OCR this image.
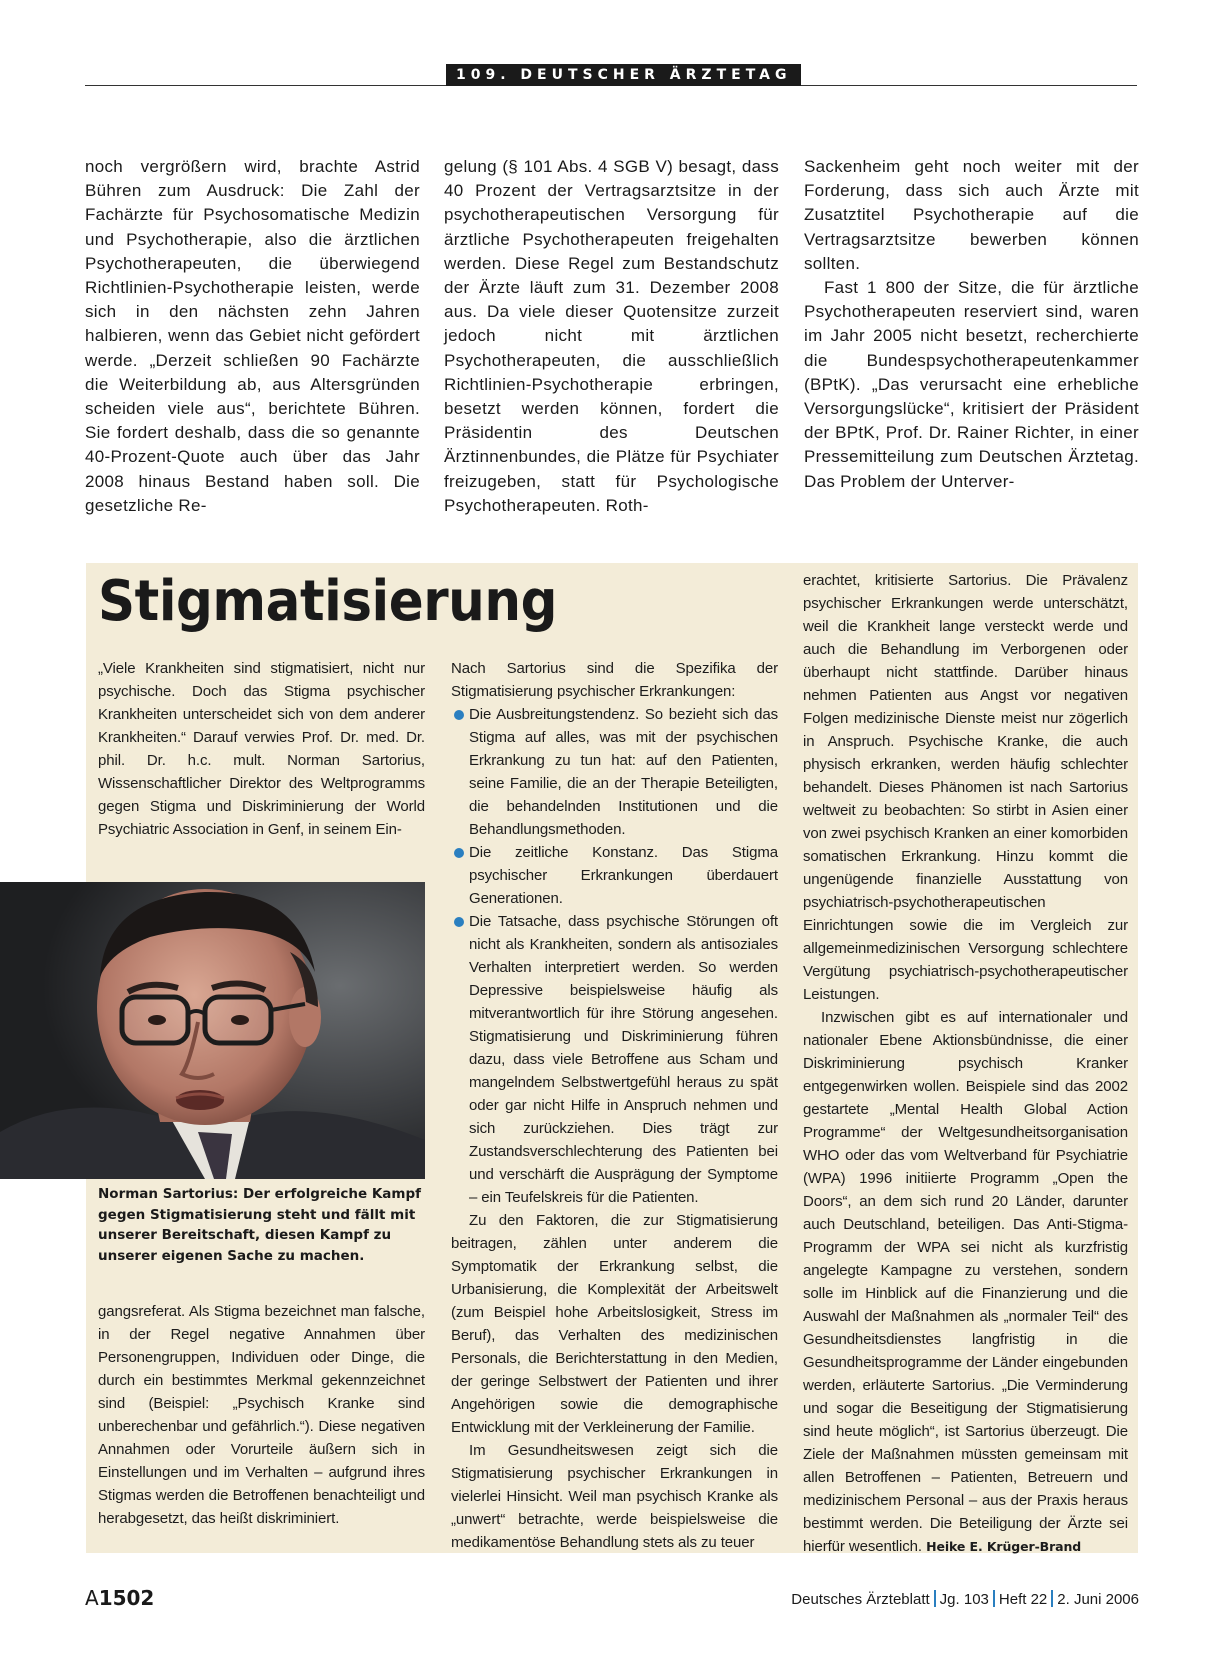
109. DEUTSCHER ÄRZTETAG

noch vergrößern wird, brachte Astrid Bühren zum Ausdruck: Die Zahl der Fachärzte für Psychosomatische Medizin und Psychotherapie, also die ärztlichen Psychotherapeuten, die überwiegend Richtlinien-Psychotherapie leisten, werde sich in den nächsten zehn Jahren halbieren, wenn das Gebiet nicht gefördert werde. „Derzeit schließen 90 Fachärzte die Weiterbildung ab, aus Altersgründen scheiden viele aus“, berichtete Bühren. Sie fordert deshalb, dass die so genannte 40-Prozent-Quote auch über das Jahr 2008 hinaus Bestand haben soll. Die gesetzliche Re-

gelung (§ 101 Abs. 4 SGB V) besagt, dass 40 Prozent der Vertragsarztsitze in der psychotherapeutischen Versorgung für ärztliche Psychotherapeuten freigehalten werden. Diese Regel zum Bestandschutz der Ärzte läuft zum 31. Dezember 2008 aus. Da viele dieser Quotensitze zurzeit jedoch nicht mit ärztlichen Psychotherapeuten, die ausschließlich Richtlinien-Psychotherapie erbringen, besetzt werden können, fordert die Präsidentin des Deutschen Ärztinnenbundes, die Plätze für Psychiater freizugeben, statt für Psychologische Psychotherapeuten. Roth-

Sackenheim geht noch weiter mit der Forderung, dass sich auch Ärzte mit Zusatztitel Psychotherapie auf die Vertragsarztsitze bewerben können sollten.

Fast 1 800 der Sitze, die für ärztliche Psychotherapeuten reserviert sind, waren im Jahr 2005 nicht besetzt, recherchierte die Bundespsychotherapeutenkammer (BPtK). „Das verursacht eine erhebliche Versorgungslücke“, kritisiert der Präsident der BPtK, Prof. Dr. Rainer Richter, in einer Pressemitteilung zum Deutschen Ärztetag. Das Problem der Unterver-

Stigmatisierung

„Viele Krankheiten sind stigmatisiert, nicht nur psychische. Doch das Stigma psychischer Krankheiten unterscheidet sich von dem anderer Krankheiten.“ Darauf verwies Prof. Dr. med. Dr. phil. Dr. h.c. mult. Norman Sartorius, Wissenschaftlicher Direktor des Weltprogramms gegen Stigma und Diskriminierung der World Psychiatric Association in Genf, in seinem Ein-

Norman Sartorius: Der erfolgreiche Kampf gegen Stigmatisierung steht und fällt mit unserer Bereitschaft, diesen Kampf zu unserer eigenen Sache zu machen.

gangsreferat. Als Stigma bezeichnet man falsche, in der Regel negative Annahmen über Personengruppen, Individuen oder Dinge, die durch ein bestimmtes Merkmal gekennzeichnet sind (Beispiel: „Psychisch Kranke sind unberechenbar und gefährlich.“). Diese negativen Annahmen oder Vorurteile äußern sich in Einstellungen und im Verhalten – aufgrund ihres Stigmas werden die Betroffenen benachteiligt und herabgesetzt, das heißt diskriminiert.

Nach Sartorius sind die Spezifika der Stigmatisierung psychischer Erkrankungen:

Die Ausbreitungstendenz. So bezieht sich das Stigma auf alles, was mit der psychischen Erkrankung zu tun hat: auf den Patienten, seine Familie, die an der Therapie Beteiligten, die behandelnden Institutionen und die Behandlungsmethoden.

Die zeitliche Konstanz. Das Stigma psychischer Erkrankungen überdauert Generationen.

Die Tatsache, dass psychische Störungen oft nicht als Krankheiten, sondern als antisoziales Verhalten interpretiert werden. So werden Depressive beispielsweise häufig als mitverantwortlich für ihre Störung angesehen. Stigmatisierung und Diskriminierung führen dazu, dass viele Betroffene aus Scham und mangelndem Selbstwertgefühl heraus zu spät oder gar nicht Hilfe in Anspruch nehmen und sich zurückziehen. Dies trägt zur Zustandsverschlechterung des Patienten bei und verschärft die Ausprägung der Symptome – ein Teufelskreis für die Patienten.

Zu den Faktoren, die zur Stigmatisierung beitragen, zählen unter anderem die Symptomatik der Erkrankung selbst, die Urbanisierung, die Komplexität der Arbeitswelt (zum Beispiel hohe Arbeitslosigkeit, Stress im Beruf), das Verhalten des medizinischen Personals, die Berichterstattung in den Medien, der geringe Selbstwert der Patienten und ihrer Angehörigen sowie die demographische Entwicklung mit der Verkleinerung der Familie.

Im Gesundheitswesen zeigt sich die Stigmatisierung psychischer Erkrankungen in vielerlei Hinsicht. Weil man psychisch Kranke als „unwert“ betrachte, werde beispielsweise die medikamentöse Behandlung stets als zu teuer

erachtet, kritisierte Sartorius. Die Prävalenz psychischer Erkrankungen werde unterschätzt, weil die Krankheit lange versteckt werde und auch die Behandlung im Verborgenen oder überhaupt nicht stattfinde. Darüber hinaus nehmen Patienten aus Angst vor negativen Folgen medizinische Dienste meist nur zögerlich in Anspruch. Psychische Kranke, die auch physisch erkranken, werden häufig schlechter behandelt. Dieses Phänomen ist nach Sartorius weltweit zu beobachten: So stirbt in Asien einer von zwei psychisch Kranken an einer komorbiden somatischen Erkrankung. Hinzu kommt die ungenügende finanzielle Ausstattung von psychiatrisch-psychotherapeutischen Einrichtungen sowie die im Vergleich zur allgemeinmedizinischen Versorgung schlechtere Vergütung psychiatrisch-psychotherapeutischer Leistungen.

Inzwischen gibt es auf internationaler und nationaler Ebene Aktionsbündnisse, die einer Diskriminierung psychisch Kranker entgegenwirken wollen. Beispiele sind das 2002 gestartete „Mental Health Global Action Programme“ der Weltgesundheitsorganisation WHO oder das vom Weltverband für Psychiatrie (WPA) 1996 initiierte Programm „Open the Doors“, an dem sich rund 20 Länder, darunter auch Deutschland, beteiligen. Das Anti-Stigma-Programm der WPA sei nicht als kurzfristig angelegte Kampagne zu verstehen, sondern solle im Hinblick auf die Finanzierung und die Auswahl der Maßnahmen als „normaler Teil“ des Gesundheitsdienstes langfristig in die Gesundheitsprogramme der Länder eingebunden werden, erläuterte Sartorius. „Die Verminderung und sogar die Beseitigung der Stigmatisierung sind heute möglich“, ist Sartorius überzeugt. Die Ziele der Maßnahmen müssten gemeinsam mit allen Betroffenen – Patienten, Betreuern und medizinischem Personal – aus der Praxis heraus bestimmt werden. Die Beteiligung der Ärzte sei hierfür wesentlich. Heike E. Krüger-Brand

A1502	Deutsches Ärzteblatt Jg. 103 Heft 22 2. Juni 2006
